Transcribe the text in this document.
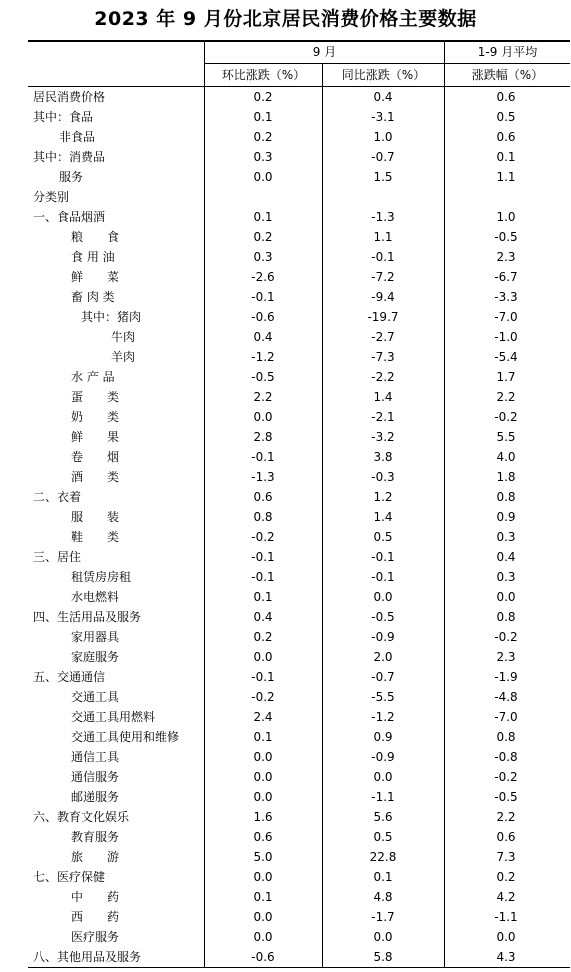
2023 年 9 月份北京居民消费价格主要数据
9 月	1-9 月平均
环比涨跌（%）	同比涨跌（%）	涨跌幅（%）
居民消费价格	0.2	0.4	0.6
其中：食品	0.1	-3.1	0.5
非食品	0.2	1.0	0.6
其中：消费品	0.3	-0.7	0.1
服务	0.0	1.5	1.1
分类别
一、食品烟酒	0.1	-1.3	1.0
粮　　食	0.2	1.1	-0.5
食 用 油	0.3	-0.1	2.3
鲜　　菜	-2.6	-7.2	-6.7
畜 肉 类	-0.1	-9.4	-3.3
其中：猪肉	-0.6	-19.7	-7.0
牛肉	0.4	-2.7	-1.0
羊肉	-1.2	-7.3	-5.4
水 产 品	-0.5	-2.2	1.7
蛋　　类	2.2	1.4	2.2
奶　　类	0.0	-2.1	-0.2
鲜　　果	2.8	-3.2	5.5
卷　　烟	-0.1	3.8	4.0
酒　　类	-1.3	-0.3	1.8
二、衣着	0.6	1.2	0.8
服　　装	0.8	1.4	0.9
鞋　　类	-0.2	0.5	0.3
三、居住	-0.1	-0.1	0.4
租赁房房租	-0.1	-0.1	0.3
水电燃料	0.1	0.0	0.0
四、生活用品及服务	0.4	-0.5	0.8
家用器具	0.2	-0.9	-0.2
家庭服务	0.0	2.0	2.3
五、交通通信	-0.1	-0.7	-1.9
交通工具	-0.2	-5.5	-4.8
交通工具用燃料	2.4	-1.2	-7.0
交通工具使用和维修	0.1	0.9	0.8
通信工具	0.0	-0.9	-0.8
通信服务	0.0	0.0	-0.2
邮递服务	0.0	-1.1	-0.5
六、教育文化娱乐	1.6	5.6	2.2
教育服务	0.6	0.5	0.6
旅　　游	5.0	22.8	7.3
七、医疗保健	0.0	0.1	0.2
中　　药	0.1	4.8	4.2
西　　药	0.0	-1.7	-1.1
医疗服务	0.0	0.0	0.0
八、其他用品及服务	-0.6	5.8	4.3
